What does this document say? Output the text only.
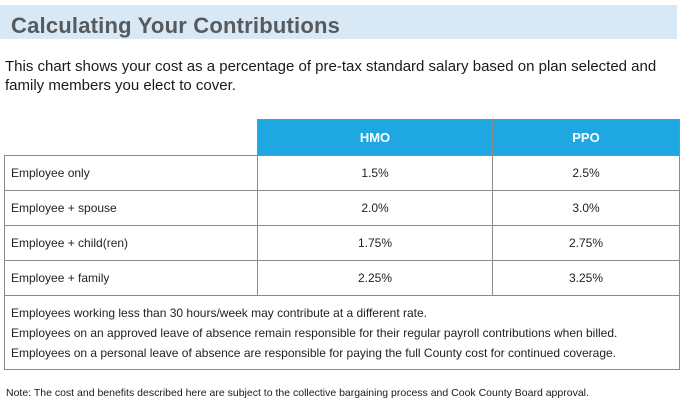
Calculating Your Contributions
This chart shows your cost as a percentage of pre-tax standard salary based on plan selected and family members you elect to cover.
	HMO	PPO
Employee only	1.5%	2.5%
Employee + spouse	2.0%	3.0%
Employee + child(ren)	1.75%	2.75%
Employee + family	2.25%	3.25%

Employees working less than 30 hours/week may contribute at a different rate.
Employees on an approved leave of absence remain responsible for their regular payroll contributions when billed.
Employees on a personal leave of absence are responsible for paying the full County cost for continued coverage.		
Note: The cost and benefits described here are subject to the collective bargaining process and Cook County Board approval.
